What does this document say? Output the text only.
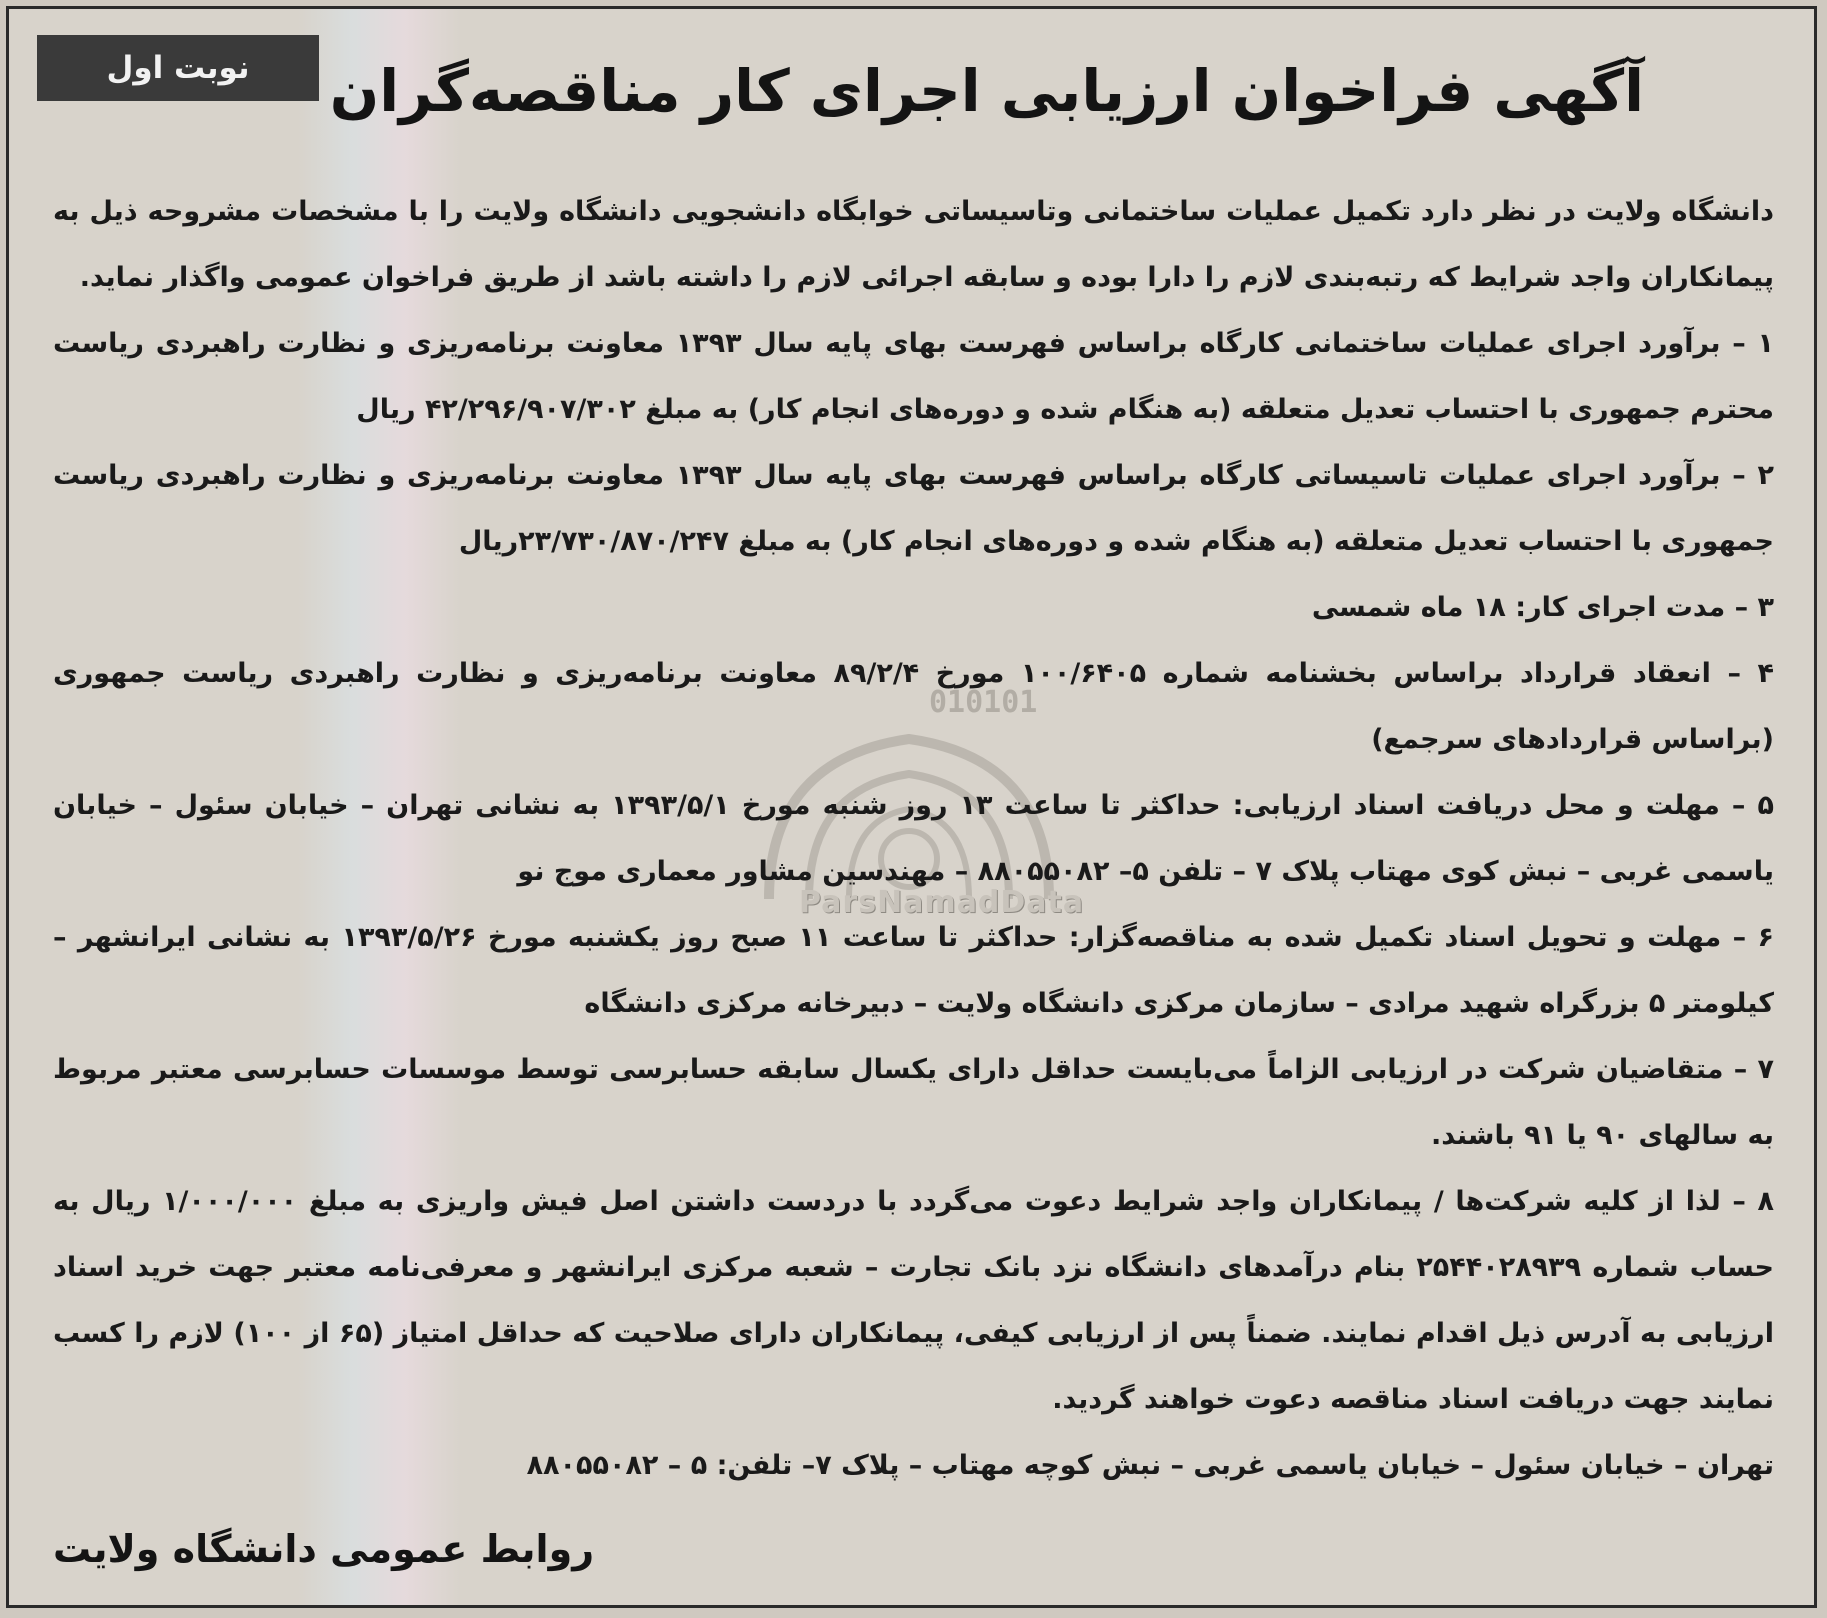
نوبت اول آگهی فراخوان ارزیابی اجرای کار مناقصه‌گران
010101
ParsNamadData

دانشگاه ولایت در نظر دارد تکمیل عملیات ساختمانی وتاسیساتی خوابگاه دانشجویی دانشگاه ولایت را با مشخصات مشروحه ذیل به پیمانکاران واجد شرایط که رتبه‌بندی لازم را دارا بوده و سابقه اجرائی لازم را داشته باشد از طریق فراخوان عمومی واگذار نماید.

۱ – برآورد اجرای عملیات ساختمانی کارگاه براساس فهرست بهای پایه سال ۱۳۹۳ معاونت برنامه‌ریزی و نظارت راهبردی ریاست محترم جمهوری با احتساب تعدیل متعلقه (به هنگام شده و دوره‌های انجام کار) به مبلغ ۴۲/۲۹۶/۹۰۷/۳۰۲ ریال

۲ – برآورد اجرای عملیات تاسیساتی کارگاه براساس فهرست بهای پایه سال ۱۳۹۳ معاونت برنامه‌ریزی و نظارت راهبردی ریاست جمهوری با احتساب تعدیل متعلقه (به هنگام شده و دوره‌های انجام کار) به مبلغ ۲۳/۷۳۰/۸۷۰/۲۴۷ریال

۳ – مدت اجرای کار: ۱۸ ماه شمسی

۴ – انعقاد قرارداد براساس بخشنامه شماره ۱۰۰/۶۴۰۵ مورخ ۸۹/۲/۴ معاونت برنامه‌ریزی و نظارت راهبردی ریاست جمهوری (براساس قراردادهای سرجمع)

۵ – مهلت و محل دریافت اسناد ارزیابی: حداکثر تا ساعت ۱۳ روز شنبه مورخ ۱۳۹۳/۵/۱ به نشانی تهران – خیابان سئول – خیابان یاسمی غربی – نبش کوی مهتاب پلاک ۷ – تلفن ۵– ۸۸۰۵۵۰۸۲ – مهندسین مشاور معماری موج نو

۶ – مهلت و تحویل اسناد تکمیل شده به مناقصه‌گزار: حداکثر تا ساعت ۱۱ صبح روز یکشنبه مورخ ۱۳۹۳/۵/۲۶ به نشانی ایرانشهر – کیلومتر ۵ بزرگراه شهید مرادی – سازمان مرکزی دانشگاه ولایت – دبیرخانه مرکزی دانشگاه

۷ – متقاضیان شرکت در ارزیابی الزاماً می‌بایست حداقل دارای یکسال سابقه حسابرسی توسط موسسات حسابرسی معتبر مربوط به سالهای ۹۰ یا ۹۱ باشند.

۸ – لذا از کلیه شرکت‌ها / پیمانکاران واجد شرایط دعوت می‌گردد با دردست داشتن اصل فیش واریزی به مبلغ ۱/۰۰۰/۰۰۰ ریال به حساب شماره ۲۵۴۴۰۲۸۹۳۹ بنام درآمدهای دانشگاه نزد بانک تجارت – شعبه مرکزی ایرانشهر و معرفی‌نامه معتبر جهت خرید اسناد ارزیابی به آدرس ذیل اقدام نمایند. ضمناً پس از ارزیابی کیفی، پیمانکاران دارای صلاحیت که حداقل امتیاز (۶۵ از ۱۰۰) لازم را کسب نمایند جهت دریافت اسناد مناقصه دعوت خواهند گردید.

تهران – خیابان سئول – خیابان یاسمی غربی – نبش کوچه مهتاب – پلاک ۷– تلفن: ۵ – ۸۸۰۵۵۰۸۲

روابط عمومی دانشگاه ولایت
